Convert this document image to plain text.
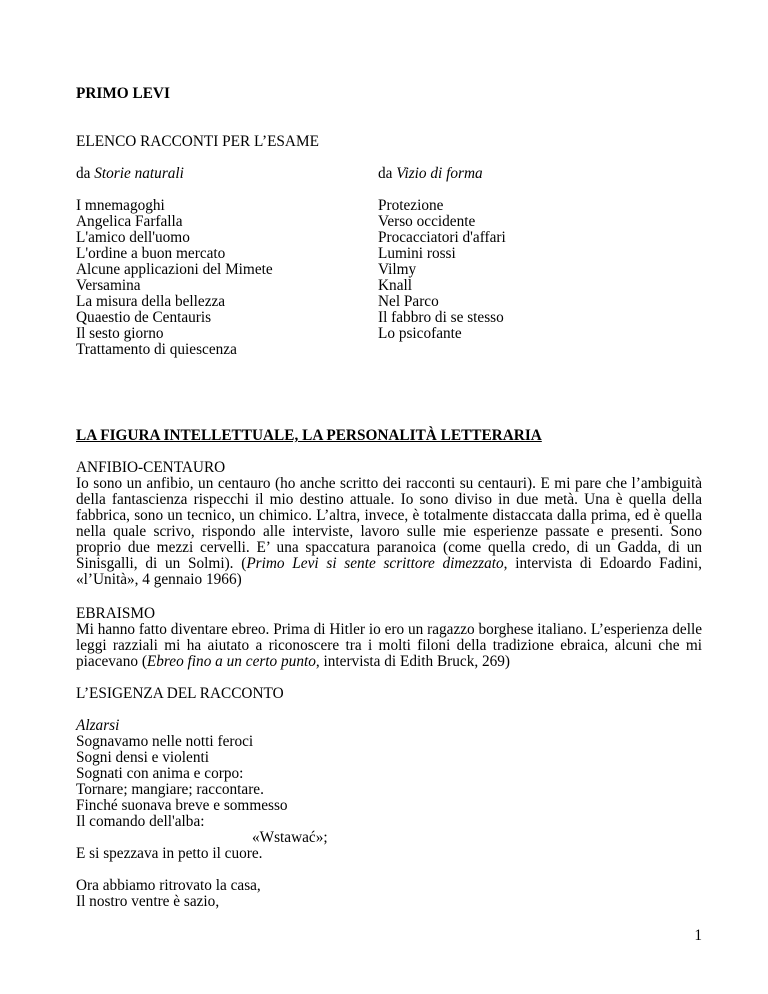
PRIMO LEVI
ELENCO RACCONTI PER L’ESAME
da Storie naturali
I mnemagoghi
Angelica Farfalla
L'amico dell'uomo
L'ordine a buon mercato
Alcune applicazioni del Mimete
Versamina
La misura della bellezza
Quaestio de Centauris
Il sesto giorno
Trattamento di quiescenza
da Vizio di forma
Protezione
Verso occidente
Procacciatori d'affari
Lumini rossi
Vilmy
Knall
Nel Parco
Il fabbro di se stesso
Lo psicofante
LA FIGURA INTELLETTUALE, LA PERSONALITÀ LETTERARIA
ANFIBIO-CENTAURO
Io sono un anfibio, un centauro (ho anche scritto dei racconti su centauri). E mi pare che l’ambiguità della fantascienza rispecchi il mio destino attuale. Io sono diviso in due metà. Una è quella della fabbrica, sono un tecnico, un chimico. L’altra, invece, è totalmente distaccata dalla prima, ed è quella nella quale scrivo, rispondo alle interviste, lavoro sulle mie esperienze passate e presenti. Sono proprio due mezzi cervelli. E’ una spaccatura paranoica (come quella credo, di un Gadda, di un Sinisgalli, di un Solmi). (Primo Levi si sente scrittore dimezzato, intervista di Edoardo Fadini, «l’Unità», 4 gennaio 1966)
EBRAISMO
Mi hanno fatto diventare ebreo. Prima di Hitler io ero un ragazzo borghese italiano. L’esperienza delle leggi razziali mi ha aiutato a riconoscere tra i molti filoni della tradizione ebraica, alcuni che mi piacevano (Ebreo fino a un certo punto, intervista di Edith Bruck, 269)
L’ESIGENZA DEL RACCONTO
Alzarsi
Sognavamo nelle notti feroci
Sogni densi e violenti
Sognati con anima e corpo:
Tornare; mangiare; raccontare.
Finché suonava breve e sommesso
Il comando dell'alba:
«Wstawać»;
E si spezzava in petto il cuore.
Ora abbiamo ritrovato la casa,
Il nostro ventre è sazio,
1
